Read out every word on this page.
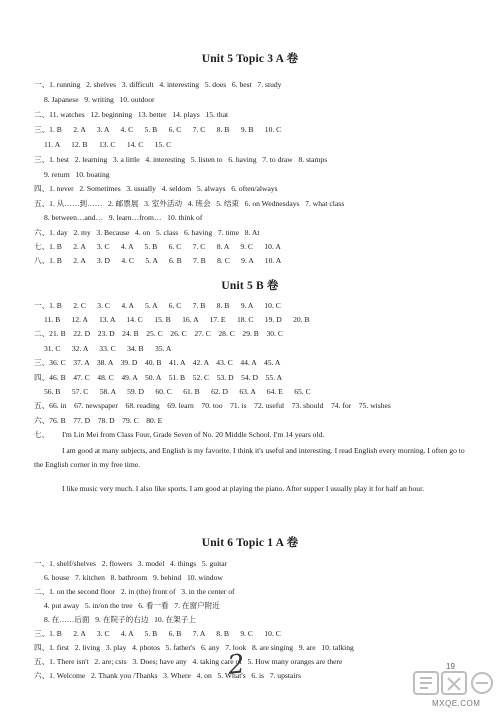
Unit 5 Topic 3 A 卷
一、1. running   2. shelves   3. difficult   4. interesting   5. does   6. best   7. study
8. Japanese   9. writing   10. outdoor
二、11. watches   12. beginning   13. better   14. plays   15. that
三、1. B      2. A      3. A      4. C      5. B      6. C      7. C      8. B      9. B      10. C
11. A      12. B      13. C      14. C      15. C
三、1. best   2. learning   3. a little   4. interesting   5. listen to   6. having   7. to draw   8. stamps
9. return   10. boating
四、1. never   2. Sometimes   3. usually   4. seldom   5. always   6. often/always
五、1. 从……到……   2. 邮票展   3. 室外活动   4. 班会   5. 结束   6. on Wednesdays   7. what class
8. between…and…   9. learn…from…   10. think of
六、1. day   2. my   3. Because   4. on   5. class   6. having   7. time   8. At
七、1. B      2. A      3. C      4. A      5. B      6. C      7. C      8. A      9. C      10. A
八、1. B      2. A      3. D      4. C      5. A      6. B      7. B      8. C      9. A      10. A
Unit 5 B 卷
一、1. B      2. C      3. C      4. A      5. A      6. C      7. B      8. B      9. A      10. C
11. B      12. A      13. A      14. C      15. B      16. A      17. E      18. C      19. D      20. B
二、21. B    22. D    23. D    24. B    25. C    26. C    27. C    28. C    29. B    30. C
31. C      32. A      33. C      34. B      35. A
三、36. C    37. A    38. A    39. D    40. B    41. A    42. A    43. C    44. A    45. A
四、46. B    47. C    48. C    49. A    50. A    51. B    52. C    53. D    54. D    55. A
56. B      57. C      58. A      59. D      60. C      61. B      62. D      63. A      64. E      65. C
五、66. in    67. newspaper    68. reading    69. learn    70. too    71. is    72. useful    73. should    74. for    75. wishes
六、76. B    77. D    78. D    79. C    80. E
七、 I'm Lin Mei from Class Four, Grade Seven of No. 20 Middle School. I'm 14 years old.
I am good at many subjects, and English is my favorite. I think it's useful and interesting. I read English every morning. I often go to the English corner in my free time.
I like music very much. I also like sports. I am good at playing the piano. After supper I usually play it for half an hour.
Unit 6 Topic 1 A 卷
一、1. shelf/shelves   2. flowers   3. model   4. things   5. guitar
6. house   7. kitchen   8. bathroom   9. behind   10. window
二、1. on the second floor   2. in (the) front of   3. in the center of
4. put away   5. in/on the tree   6. 看一看   7. 在窗户附近
8. 在……后面   9. 在院子的右边   10. 在架子上
三、1. B      2. A      3. C      4. A      5. B      6. B      7. A      8. B      9. C      10. C
四、1. first   2. living   3. play   4. photos   5. father's   6. any   7. look   8. are singing   9. are   10. talking
五、1. There isn't   2. are; csts   3. Does; have any   4. taking care of   5. How many oranges are there
六、1. Welcome   2. Thank you /Thanks   3. Where   4. on   5. What's   6. is   7. upstairs
19
2
MXQE.COM
